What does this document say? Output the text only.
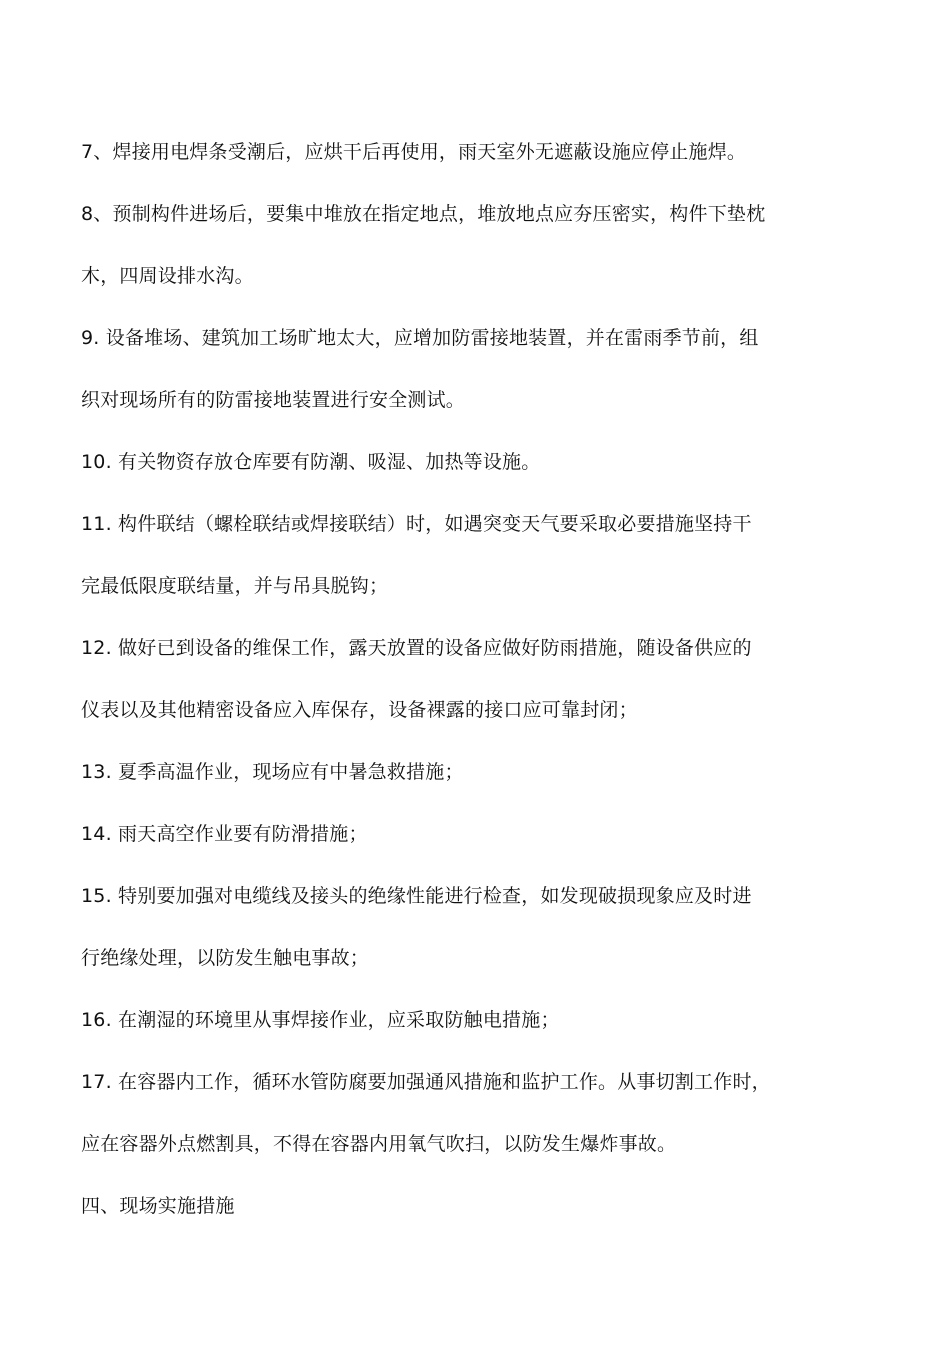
7、焊接用电焊条受潮后，应烘干后再使用，雨天室外无遮蔽设施应停止施焊。
8、预制构件进场后，要集中堆放在指定地点，堆放地点应夯压密实，构件下垫枕
木，四周设排水沟。
9. 设备堆场、建筑加工场旷地太大，应增加防雷接地装置，并在雷雨季节前，组
织对现场所有的防雷接地装置进行安全测试。
10. 有关物资存放仓库要有防潮、吸湿、加热等设施。
11. 构件联结（螺栓联结或焊接联结）时，如遇突变天气要采取必要措施坚持干
完最低限度联结量，并与吊具脱钩；
12. 做好已到设备的维保工作，露天放置的设备应做好防雨措施，随设备供应的
仪表以及其他精密设备应入库保存，设备裸露的接口应可靠封闭；
13. 夏季高温作业，现场应有中暑急救措施；
14. 雨天高空作业要有防滑措施；
15. 特别要加强对电缆线及接头的绝缘性能进行检查，如发现破损现象应及时进
行绝缘处理，以防发生触电事故；
16. 在潮湿的环境里从事焊接作业，应采取防触电措施；
17. 在容器内工作，循环水管防腐要加强通风措施和监护工作。从事切割工作时，
应在容器外点燃割具，不得在容器内用氧气吹扫，以防发生爆炸事故。
四、现场实施措施
